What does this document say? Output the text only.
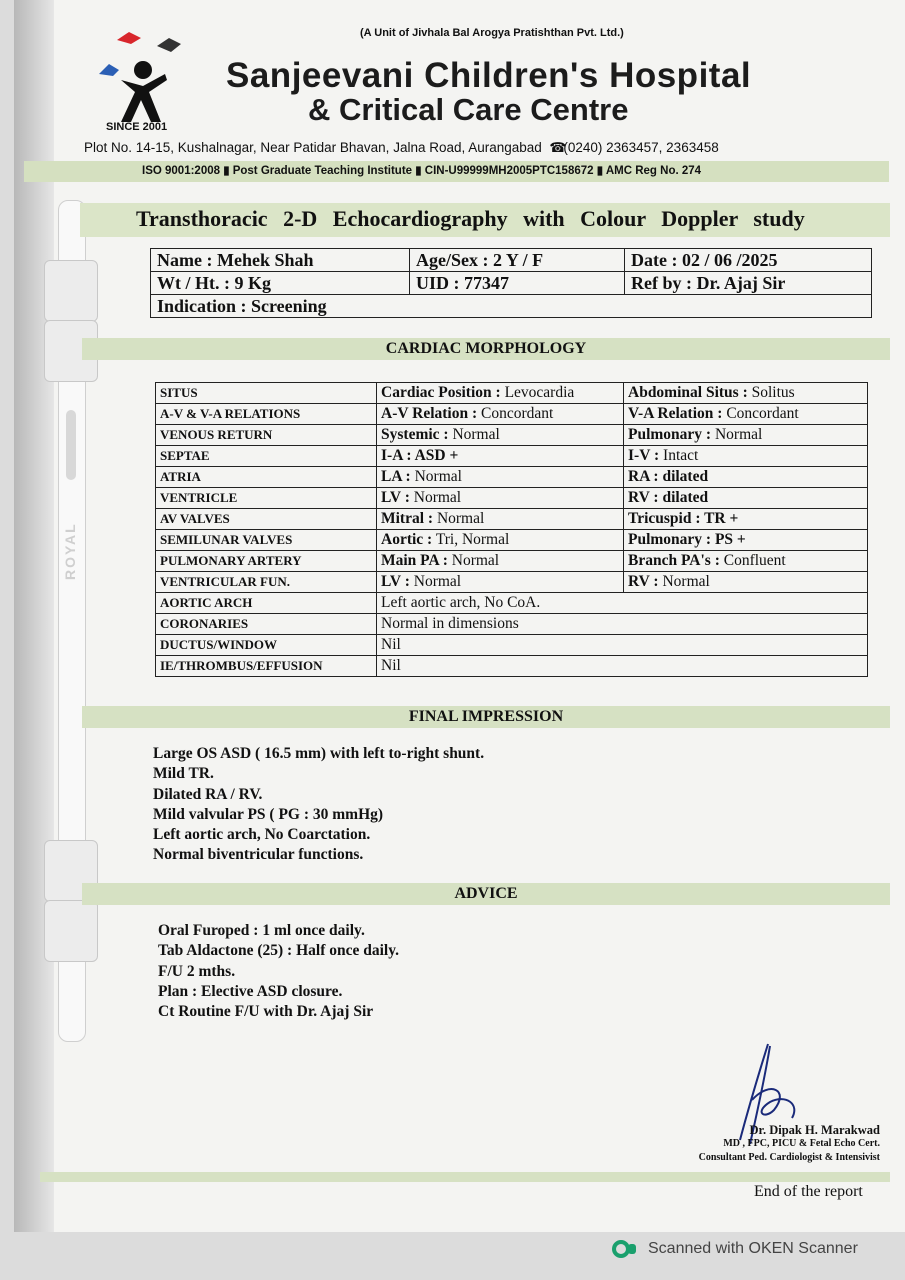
ROYAL
(A Unit of Jivhala Bal Arogya Pratishthan Pvt. Ltd.)
SINCE 2001
Sanjeevani Children's Hospital
& Critical Care Centre
Plot No. 14-15, Kushalnagar, Near Patidar Bhavan, Jalna Road, Aurangabad  ☎ (0240) 2363457, 2363458
ISO 9001:2008 ▮ Post Graduate Teaching Institute ▮ CIN-U99999MH2005PTC158672 ▮ AMC Reg No. 274
Transthoracic 2-D Echocardiography with Colour Doppler study
Name : Mehek Shah	Age/Sex : 2 Y / F	Date : 02 / 06 /2025
Wt / Ht. : 9 Kg	UID : 77347	Ref by : Dr. Ajaj Sir
Indication : Screening		
CARDIAC MORPHOLOGY
SITUS	Cardiac Position : Levocardia	Abdominal Situs : Solitus
A-V & V-A RELATIONS	A-V Relation : Concordant	V-A Relation : Concordant
VENOUS RETURN	Systemic : Normal	Pulmonary : Normal
SEPTAE	I-A : ASD +	I-V : Intact
ATRIA	LA : Normal	RA : dilated
VENTRICLE	LV : Normal	RV : dilated
AV VALVES	Mitral : Normal	Tricuspid : TR +
SEMILUNAR VALVES	Aortic : Tri, Normal	Pulmonary : PS +
PULMONARY ARTERY	Main PA : Normal	Branch PA's : Confluent
VENTRICULAR FUN.	LV : Normal	RV : Normal
AORTIC ARCH	Left aortic arch, No CoA.	
CORONARIES	Normal in dimensions	
DUCTUS/WINDOW	Nil	
IE/THROMBUS/EFFUSION	Nil	
FINAL IMPRESSION
Large OS ASD ( 16.5 mm) with left to-right shunt.
Mild TR.
Dilated RA / RV.
Mild valvular PS ( PG : 30 mmHg)
Left aortic arch, No Coarctation.
Normal biventricular functions.
ADVICE
Oral Furoped : 1 ml once daily.
Tab Aldactone (25) : Half once daily.
F/U 2 mths.
Plan : Elective ASD closure.
Ct Routine F/U with Dr. Ajaj Sir
Dr. Dipak H. Marakwad
MD , FPC, PICU & Fetal Echo Cert.
Consultant Ped. Cardiologist & Intensivist
End of the report
Scanned with OKEN Scanner
